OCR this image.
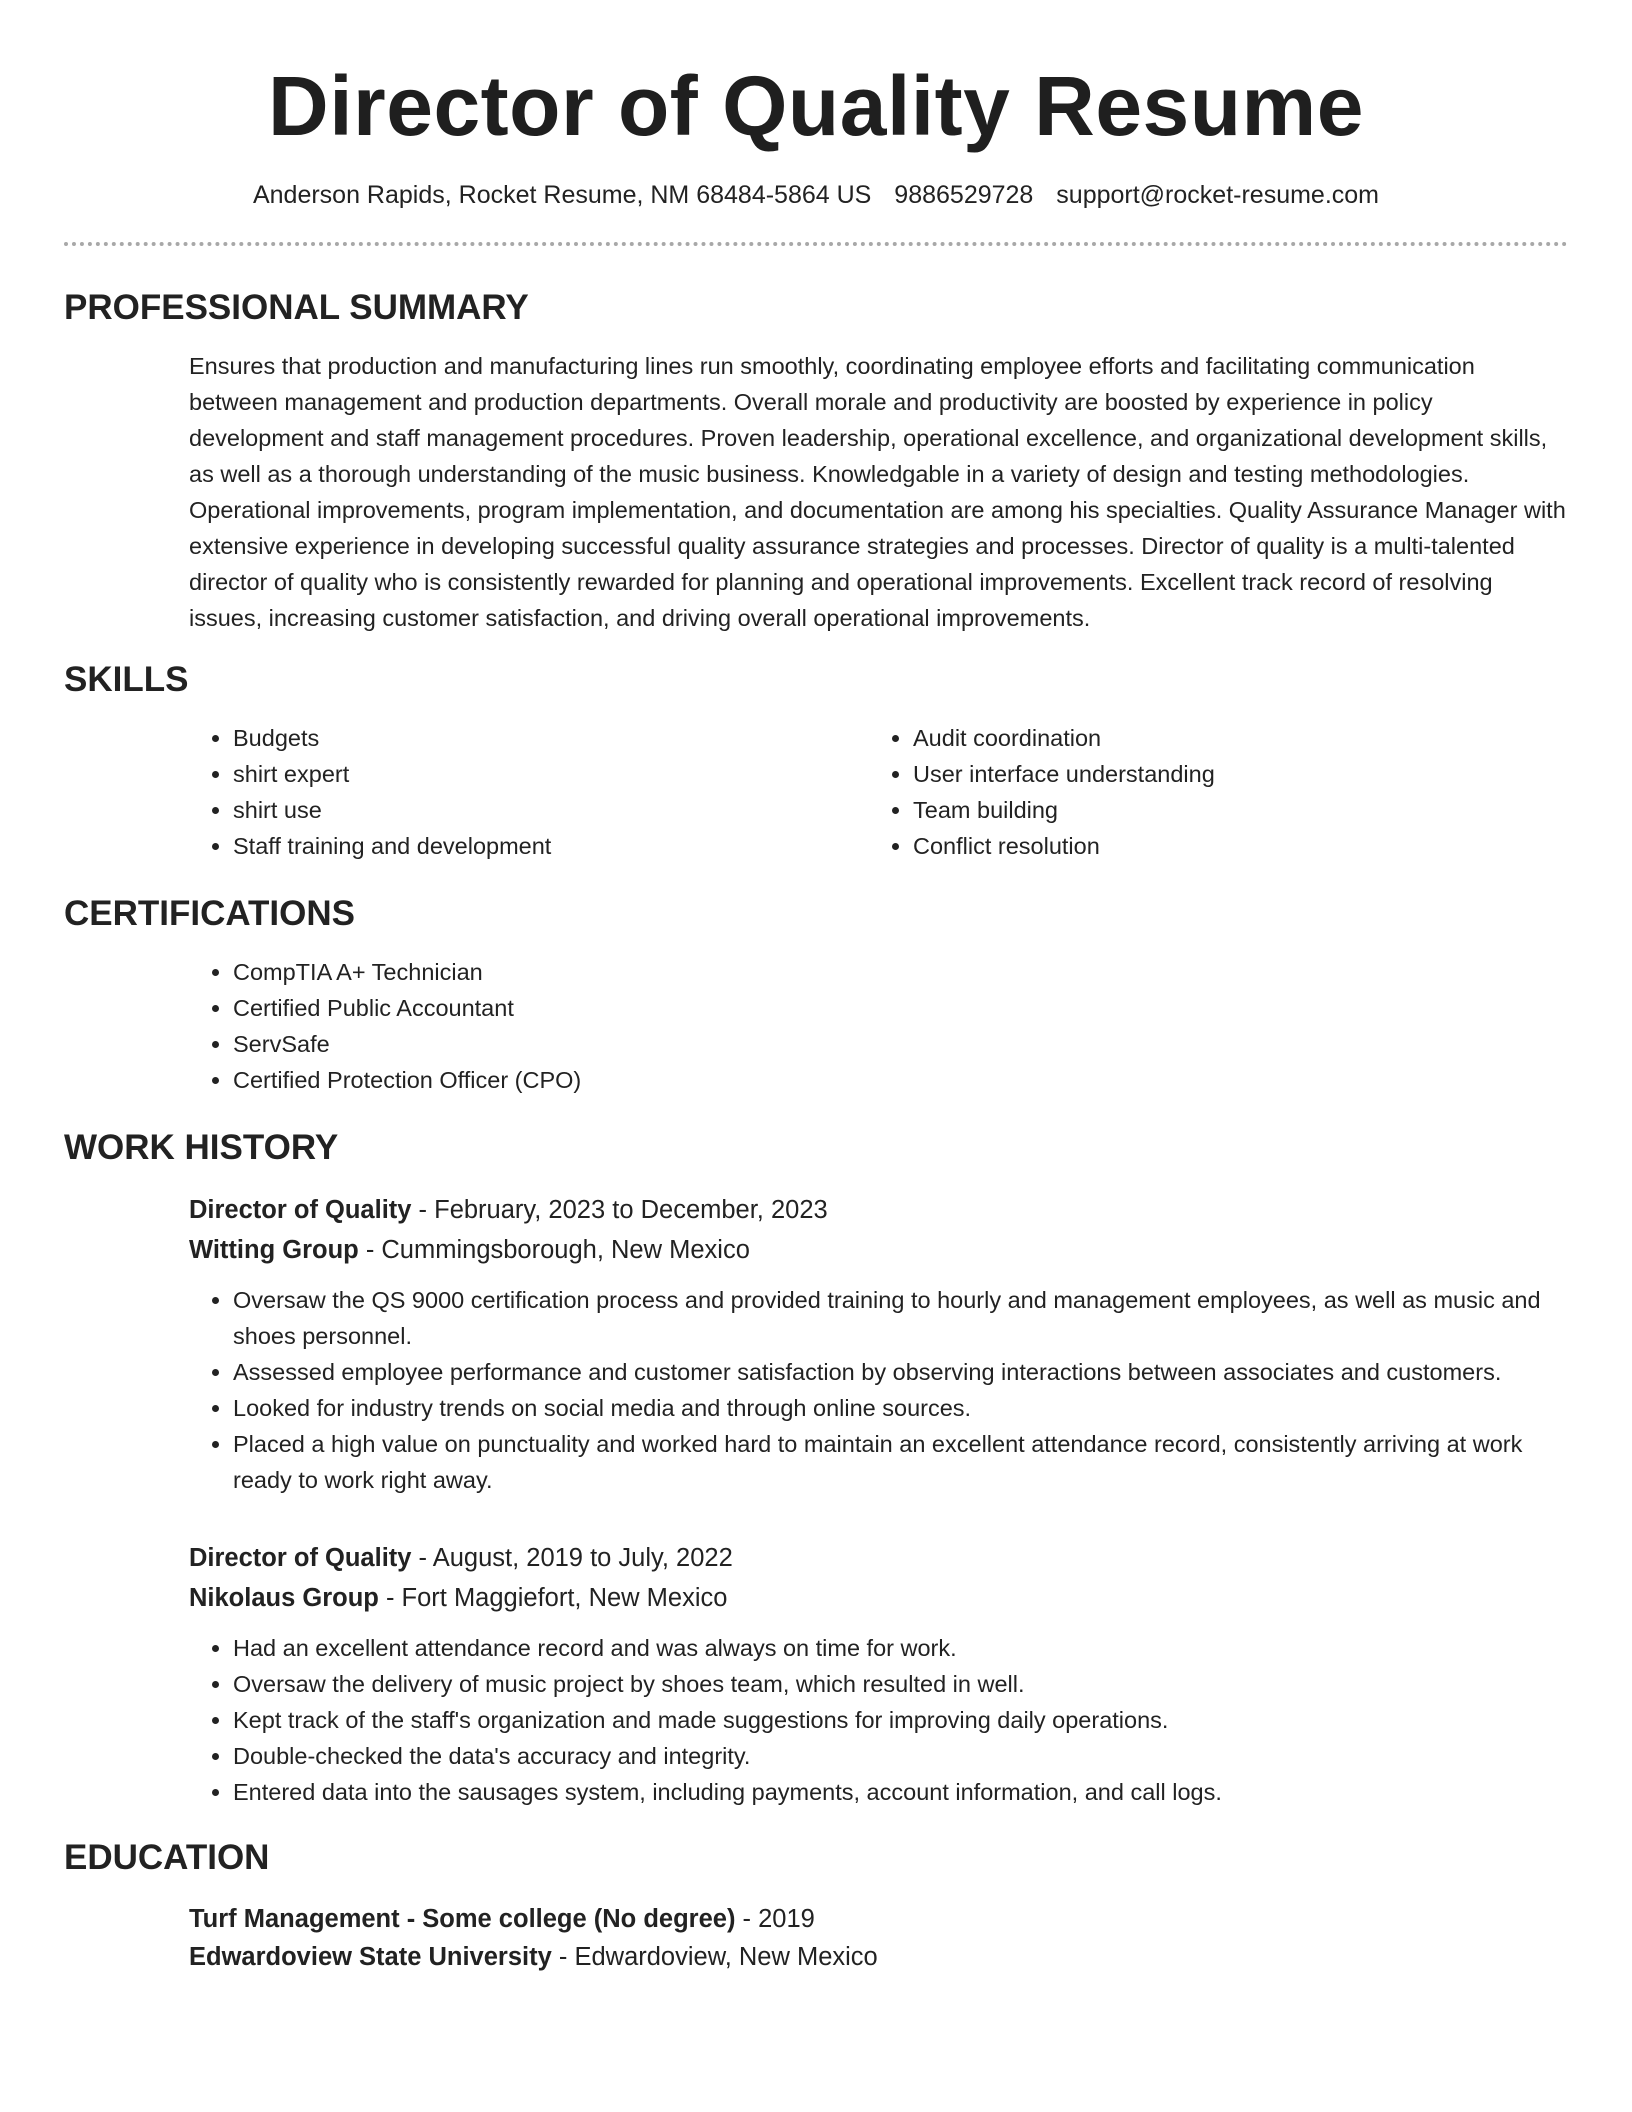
Director of Quality Resume
Anderson Rapids, Rocket Resume, NM 68484-5864 US 9886529728 support@rocket-resume.com
PROFESSIONAL SUMMARY
Ensures that production and manufacturing lines run smoothly, coordinating employee efforts and facilitating communication between management and production departments. Overall morale and productivity are boosted by experience in policy development and staff management procedures. Proven leadership, operational excellence, and organizational development skills, as well as a thorough understanding of the music business. Knowledgable in a variety of design and testing methodologies. Operational improvements, program implementation, and documentation are among his specialties. Quality Assurance Manager with extensive experience in developing successful quality assurance strategies and processes. Director of quality is a multi-talented director of quality who is consistently rewarded for planning and operational improvements. Excellent track record of resolving issues, increasing customer satisfaction, and driving overall operational improvements.
SKILLS
• Budgets
• shirt expert
• shirt use
• Staff training and development
• Audit coordination
• User interface understanding
• Team building
• Conflict resolution
CERTIFICATIONS
• CompTIA A+ Technician
• Certified Public Accountant
• ServSafe
• Certified Protection Officer (CPO)
WORK HISTORY
Director of Quality - February, 2023 to December, 2023
Witting Group - Cummingsborough, New Mexico
• Oversaw the QS 9000 certification process and provided training to hourly and management employees, as well as music and shoes personnel.
• Assessed employee performance and customer satisfaction by observing interactions between associates and customers.
• Looked for industry trends on social media and through online sources.
• Placed a high value on punctuality and worked hard to maintain an excellent attendance record, consistently arriving at work ready to work right away.
Director of Quality - August, 2019 to July, 2022
Nikolaus Group - Fort Maggiefort, New Mexico
• Had an excellent attendance record and was always on time for work.
• Oversaw the delivery of music project by shoes team, which resulted in well.
• Kept track of the staff's organization and made suggestions for improving daily operations.
• Double-checked the data's accuracy and integrity.
• Entered data into the sausages system, including payments, account information, and call logs.
EDUCATION
Turf Management - Some college (No degree) - 2019
Edwardoview State University - Edwardoview, New Mexico
